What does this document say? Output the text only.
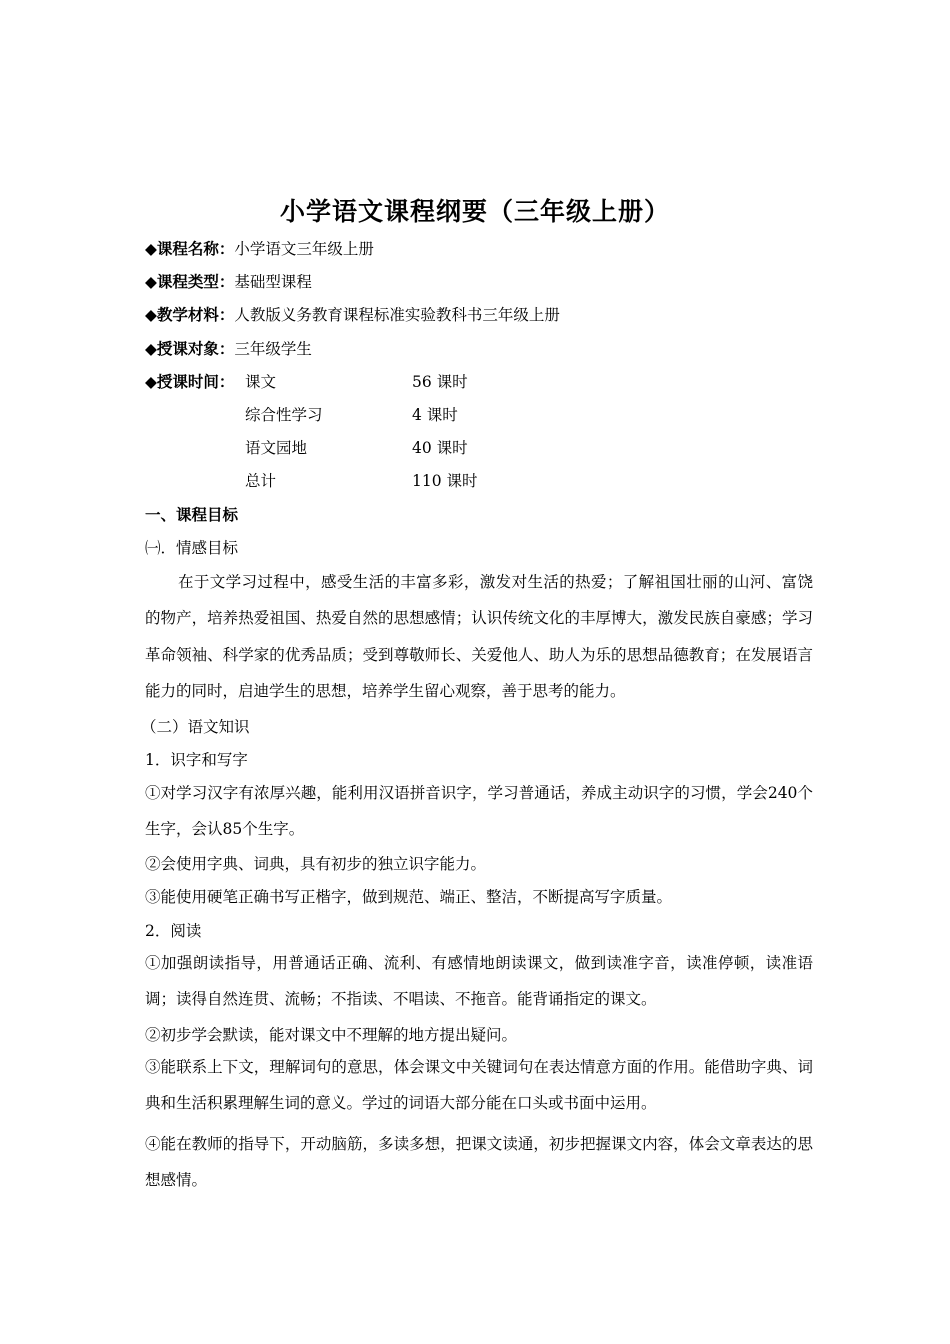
小学语文课程纲要（三年级上册）
◆课程名称：小学语文三年级上册
◆课程类型：基础型课程
◆教学材料：人教版义务教育课程标准实验教科书三年级上册
◆授课对象：三年级学生
◆授课时间： 课文	56 课时
综合性学习	4 课时
语文园地	40 课时
总计	110 课时
一、课程目标
㈠．情感目标
在于文学习过程中，感受生活的丰富多彩，激发对生活的热爱；了解祖国壮丽的山河、富饶的物产，培养热爱祖国、热爱自然的思想感情；认识传统文化的丰厚博大，激发民族自豪感；学习革命领袖、科学家的优秀品质；受到尊敬师长、关爱他人、助人为乐的思想品德教育；在发展语言能力的同时，启迪学生的思想，培养学生留心观察，善于思考的能力。
（二）语文知识
1．识字和写字
①对学习汉字有浓厚兴趣，能利用汉语拼音识字，学习普通话，养成主动识字的习惯，学会240个生字，会认85个生字。
②会使用字典、词典，具有初步的独立识字能力。
③能使用硬笔正确书写正楷字，做到规范、端正、整洁，不断提高写字质量。
2．阅读
①加强朗读指导，用普通话正确、流利、有感情地朗读课文，做到读准字音，读准停顿，读准语调；读得自然连贯、流畅；不指读、不唱读、不拖音。能背诵指定的课文。
②初步学会默读，能对课文中不理解的地方提出疑问。
③能联系上下文，理解词句的意思，体会课文中关键词句在表达情意方面的作用。能借助字典、词典和生活积累理解生词的意义。学过的词语大部分能在口头或书面中运用。
④能在教师的指导下，开动脑筋，多读多想，把课文读通，初步把握课文内容，体会文章表达的思想感情。
